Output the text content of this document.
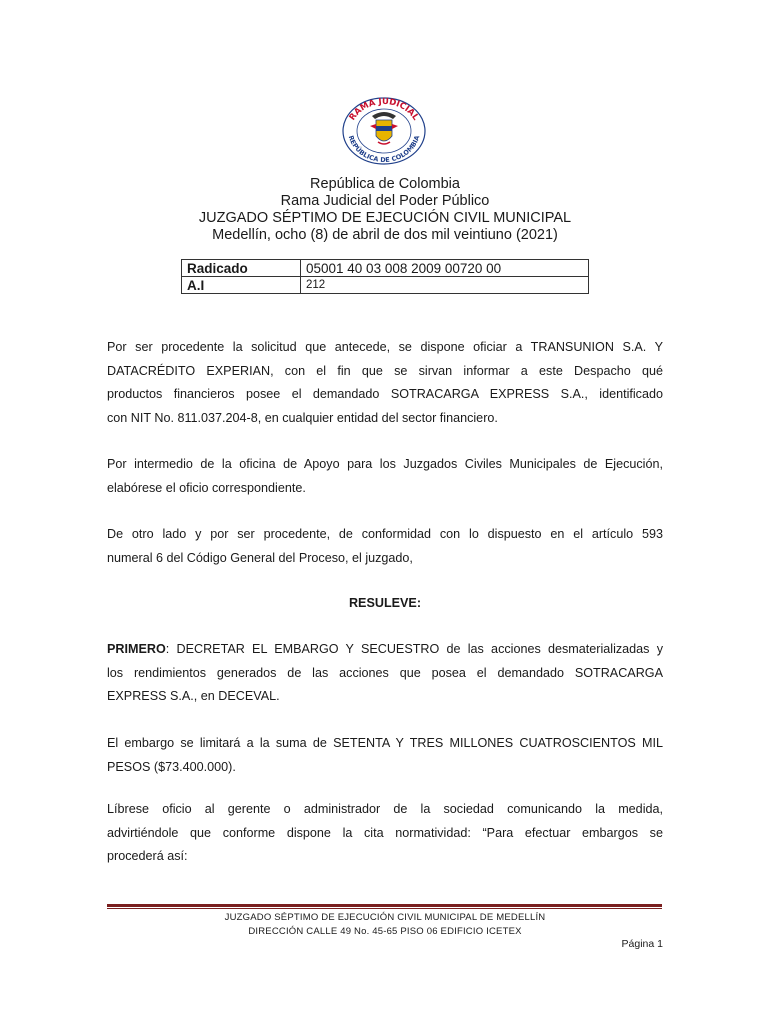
RAMA JUDICIAL
REPÚBLICA DE COLOMBIA
República de Colombia
Rama Judicial del Poder Público
JUZGADO SÉPTIMO DE EJECUCIÓN CIVIL MUNICIPAL
Medellín, ocho (8) de abril de dos mil veintiuno (2021)
Radicado	05001 40 03 008 2009 00720 00
A.I	212
Por ser procedente la solicitud que antecede, se dispone oficiar a TRANSUNION S.A. Y
DATACRÉDITO EXPERIAN, con el fin que se sirvan informar a este Despacho qué
productos financieros posee el demandado SOTRACARGA EXPRESS S.A., identificado
con NIT No. 811.037.204-8, en cualquier entidad del sector financiero.
Por intermedio de la oficina de Apoyo para los Juzgados Civiles Municipales de Ejecución,
elabórese el oficio correspondiente.
De otro lado y por ser procedente, de conformidad con lo dispuesto en el artículo 593
numeral 6 del Código General del Proceso, el juzgado,
RESULEVE:
PRIMERO: DECRETAR EL EMBARGO Y SECUESTRO de las acciones desmaterializadas y
los rendimientos generados de las acciones que posea el demandado SOTRACARGA
EXPRESS S.A., en DECEVAL.
El embargo se limitará a la suma de SETENTA Y TRES MILLONES CUATROSCIENTOS MIL
PESOS ($73.400.000).
Líbrese oficio al gerente o administrador de la sociedad comunicando la medida,
advirtiéndole que conforme dispone la cita normatividad: “Para efectuar embargos se
procederá así:
JUZGADO SÉPTIMO DE EJECUCIÓN CIVIL MUNICIPAL DE MEDELLÍN
DIRECCIÓN CALLE 49 No. 45-65 PISO 06 EDIFICIO ICETEX
Página 1
